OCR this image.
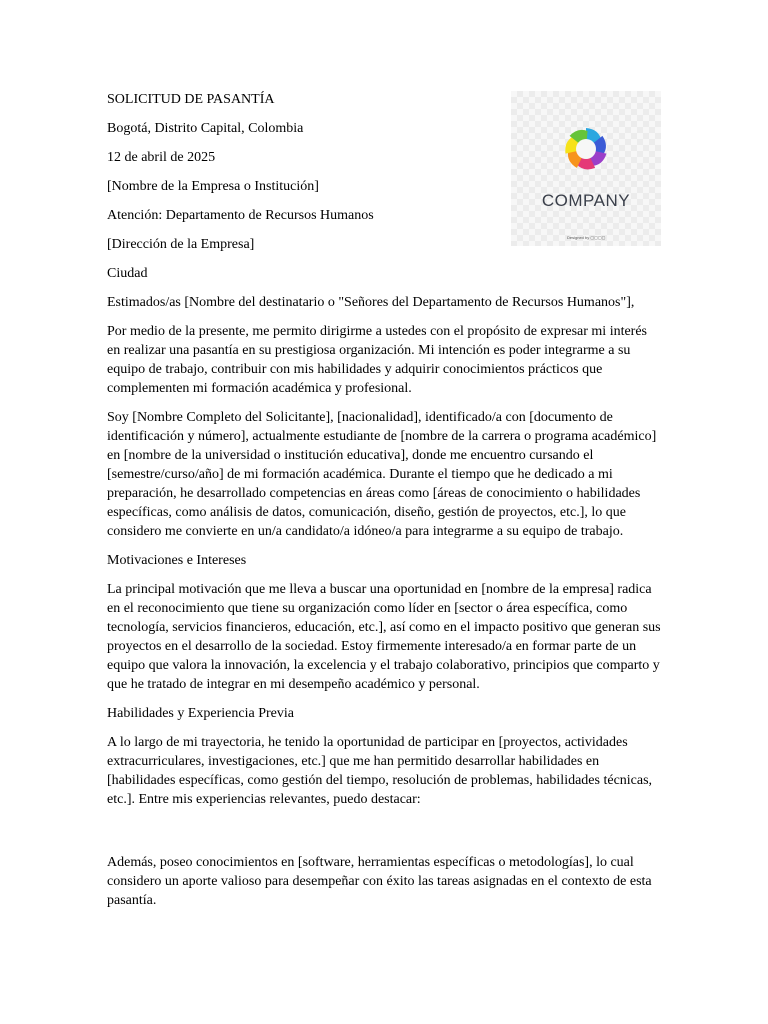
SOLICITUD DE PASANTÍA

Bogotá, Distrito Capital, Colombia

12 de abril de 2025

[Nombre de la Empresa o Institución]

Atención: Departamento de Recursos Humanos

[Dirección de la Empresa]

Ciudad

Estimados/as [Nombre del destinatario o "Señores del Departamento de Recursos Humanos"],

Por medio de la presente, me permito dirigirme a ustedes con el propósito de expresar mi interés en realizar una pasantía en su prestigiosa organización. Mi intención es poder integrarme a su equipo de trabajo, contribuir con mis habilidades y adquirir conocimientos prácticos que complementen mi formación académica y profesional.

Soy [Nombre Completo del Solicitante], [nacionalidad], identificado/a con [documento de identificación y número], actualmente estudiante de [nombre de la carrera o programa académico] en [nombre de la universidad o institución educativa], donde me encuentro cursando el [semestre/curso/año] de mi formación académica. Durante el tiempo que he dedicado a mi preparación, he desarrollado competencias en áreas como [áreas de conocimiento o habilidades específicas, como análisis de datos, comunicación, diseño, gestión de proyectos, etc.], lo que considero me convierte en un/a candidato/a idóneo/a para integrarme a su equipo de trabajo.

Motivaciones e Intereses

La principal motivación que me lleva a buscar una oportunidad en [nombre de la empresa] radica en el reconocimiento que tiene su organización como líder en [sector o área específica, como tecnología, servicios financieros, educación, etc.], así como en el impacto positivo que generan sus proyectos en el desarrollo de la sociedad. Estoy firmemente interesado/a en formar parte de un equipo que valora la innovación, la excelencia y el trabajo colaborativo, principios que comparto y que he tratado de integrar en mi desempeño académico y personal.

Habilidades y Experiencia Previa

A lo largo de mi trayectoria, he tenido la oportunidad de participar en [proyectos, actividades extracurriculares, investigaciones, etc.] que me han permitido desarrollar habilidades en [habilidades específicas, como gestión del tiempo, resolución de problemas, habilidades técnicas, etc.]. Entre mis experiencias relevantes, puedo destacar:

Además, poseo conocimientos en [software, herramientas específicas o metodologías], lo cual considero un aporte valioso para desempeñar con éxito las tareas asignadas en el contexto de esta pasantía.

COMPANY
Designed by ▢▢▢▢
